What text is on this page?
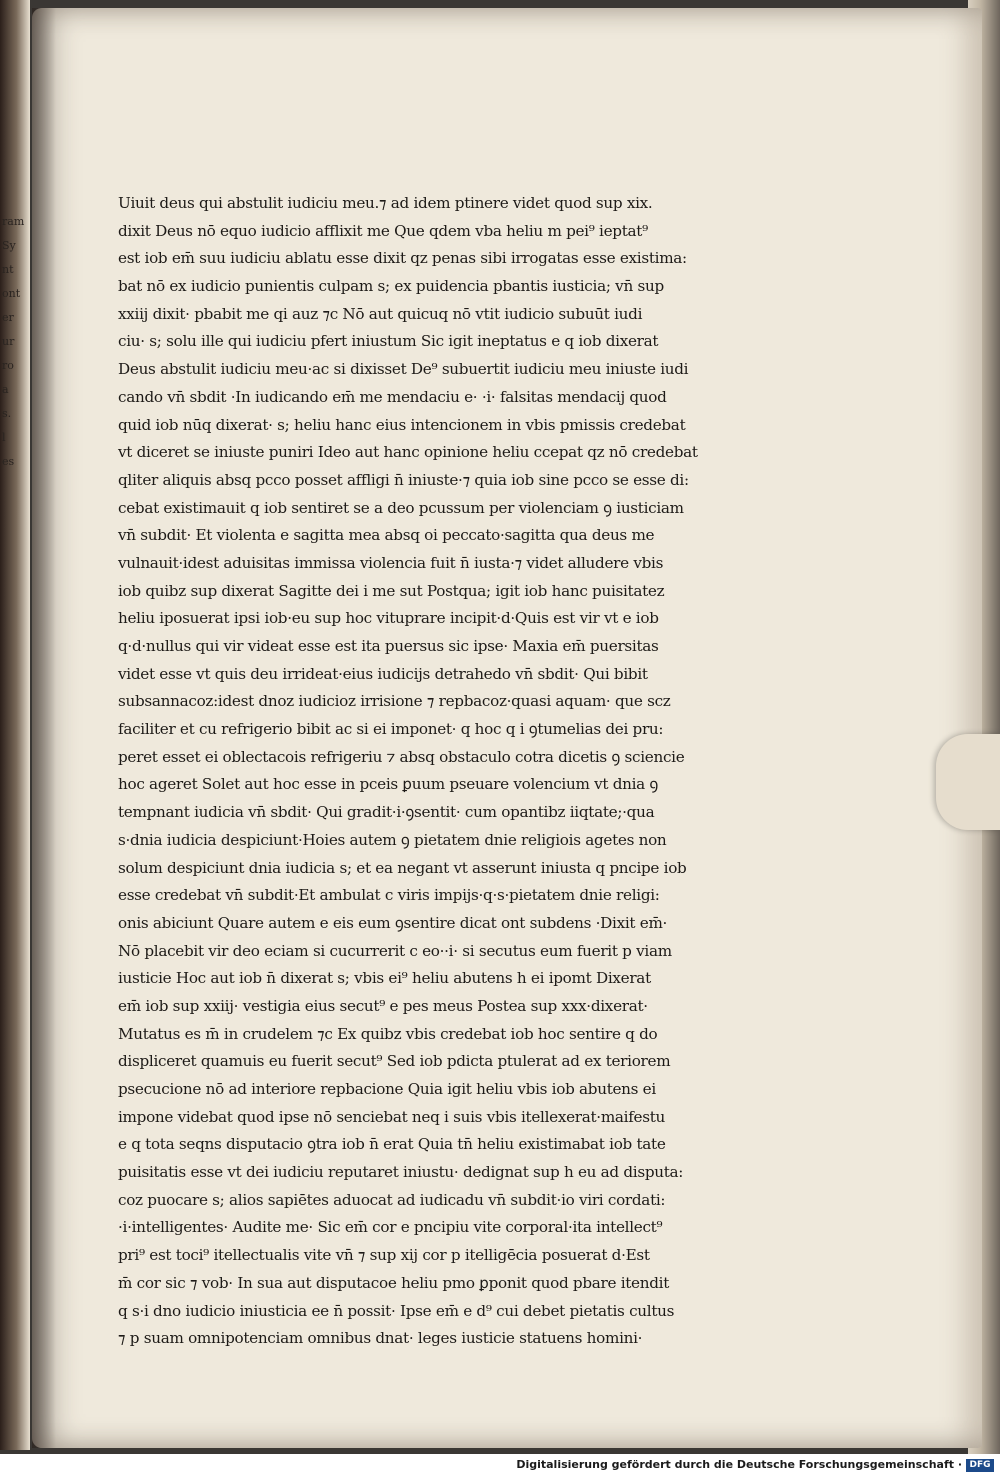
ram
Sy
nt
ont
er
ur
ro
a
s.
l
es
Uiuit deus qui abstulit iudiciu meu.⁊ ad idem ptinere videt quod sup xix.
dixit Deus nō equo iudicio afflixit me Que qdem vba heliu m pei⁹ ieptat⁹
est iob em̄ suu iudiciu ablatu esse dixit qz penas sibi irrogatas esse existima:
bat nō ex iudicio punientis culpam s; ex puidencia pbantis iusticia; vn̄ sup
xxiij dixit· pbabit me qi auz ⁊c Nō aut quicuq nō vtit iudicio subuūt iudi
ciu· s; solu ille qui iudiciu pfert iniustum Sic igit ineptatus e q iob dixerat
Deus abstulit iudiciu meu·ac si dixisset De⁹ subuertit iudiciu meu iniuste iudi
cando vn̄ sbdit ·In iudicando em̄ me mendaciu e· ·i· falsitas mendacij quod
quid iob nūq dixerat· s; heliu hanc eius intencionem in vbis pmissis credebat
vt diceret se iniuste puniri Ideo aut hanc opinione heliu ccepat qz nō credebat
qliter aliquis absq pcco posset affligi n̄ iniuste·⁊ quia iob sine pcco se esse di:
cebat existimauit q iob sentiret se a deo pcussum per violenciam ꝯ iusticiam
vn̄ subdit· Et violenta e sagitta mea absq oi peccato·sagitta qua deus me
vulnauit·idest aduisitas immissa violencia fuit n̄ iusta·⁊ videt alludere vbis
iob quibz sup dixerat Sagitte dei i me sut Postqua; igit iob hanc puisitatez
heliu iposuerat ipsi iob·eu sup hoc vituprare incipit·d·Quis est vir vt e iob
q·d·nullus qui vir videat esse est ita puersus sic ipse· Maxia em̄ puersitas
videt esse vt quis deu irrideat·eius iudicijs detrahedo vn̄ sbdit· Qui bibit
subsannacoz:idest dnoz iudicioz irrisione ⁊ repbacoz·quasi aquam· que scz
faciliter et cu refrigerio bibit ac si ei imponet· q hoc q i ꝯtumelias dei pru:
peret esset ei oblectacois refrigeriu ⁊ absq obstaculo cotra dicetis ꝯ sciencie
hoc ageret Solet aut hoc esse in pceis ꝑuum pseuare volencium vt dnia ꝯ
tempnant iudicia vn̄ sbdit· Qui gradit·i·ꝯsentit· cum opantibz iiqtate;·qua
s·dnia iudicia despiciunt·Hoies autem ꝯ pietatem dnie religiois agetes non
solum despiciunt dnia iudicia s; et ea negant vt asserunt iniusta q pncipe iob
esse credebat vn̄ subdit·Et ambulat c viris impijs·q·s·pietatem dnie religi:
onis abiciunt Quare autem e eis eum ꝯsentire dicat ont subdens ·Dixit em̄·
Nō placebit vir deo eciam si cucurrerit c eo··i· si secutus eum fuerit p viam
iusticie Hoc aut iob n̄ dixerat s; vbis ei⁹ heliu abutens h ei ipomt Dixerat
em̄ iob sup xxiij· vestigia eius secut⁹ e pes meus Postea sup xxx·dixerat·
Mutatus es m̄ in crudelem ⁊c Ex quibz vbis credebat iob hoc sentire q do
displiceret quamuis eu fuerit secut⁹ Sed iob pdicta ptulerat ad ex teriorem
psecucione nō ad interiore repbacione Quia igit heliu vbis iob abutens ei
impone videbat quod ipse nō senciebat neq i suis vbis itellexerat·maifestu
e q tota seqns disputacio ꝯtra iob n̄ erat Quia tn̄ heliu existimabat iob tate
puisitatis esse vt dei iudiciu reputaret iniustu· dedignat sup h eu ad disputa:
coz puocare s; alios sapiētes aduocat ad iudicadu vn̄ subdit·io viri cordati:
·i·intelligentes· Audite me· Sic em̄ cor e pncipiu vite corporal·ita intellect⁹
pri⁹ est toci⁹ itellectualis vite vn̄ ⁊ sup xij cor p itelligēcia posuerat d·Est
m̄ cor sic ⁊ vob· In sua aut disputacoe heliu pmo ꝑponit quod pbare itendit
q s·i dno iudicio iniusticia ee n̄ possit· Ipse em̄ e d⁹ cui debet pietatis cultus
⁊ p suam omnipotenciam omnibus dnat· leges iusticie statuens homini·
Digitalisierung gefördert durch die Deutsche Forschungsgemeinschaft · DFG
